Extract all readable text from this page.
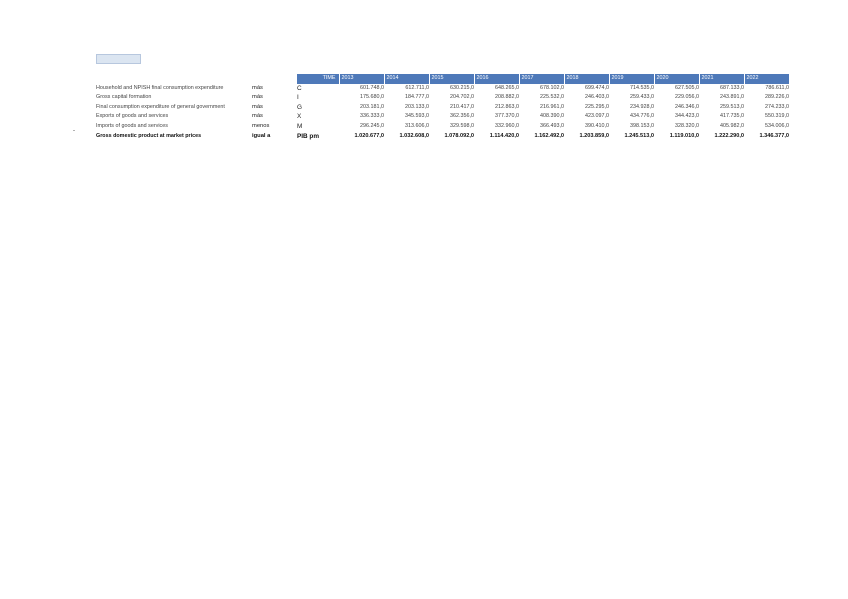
-
		TIME	2013	2014	2015	2016	2017	2018	2019	2020	2021	2022
Household and NPISH final consumption expenditure	más	C	601.748,0	612.711,0	630.215,0	648.265,0	678.102,0	699.474,0	714.535,0	627.505,0	687.133,0	786.611,0
Gross capital formation	más	I	175.680,0	184.777,0	204.702,0	208.882,0	225.532,0	246.403,0	259.433,0	229.056,0	243.891,0	289.226,0
Final consumption expenditure of general government	más	G	203.181,0	203.133,0	210.417,0	212.863,0	216.961,0	225.295,0	234.928,0	246.346,0	259.513,0	274.233,0
Exports of goods and services	más	X	336.333,0	345.593,0	362.356,0	377.370,0	408.390,0	423.097,0	434.776,0	344.423,0	417.735,0	550.319,0
Imports of goods and services	menos	M	296.245,0	313.606,0	329.598,0	332.960,0	366.493,0	390.410,0	398.153,0	328.320,0	405.982,0	534.006,0
Gross domestic product at market prices	igual a	PIB pm	1.020.677,0	1.032.608,0	1.078.092,0	1.114.420,0	1.162.492,0	1.203.859,0	1.245.513,0	1.119.010,0	1.222.290,0	1.346.377,0
